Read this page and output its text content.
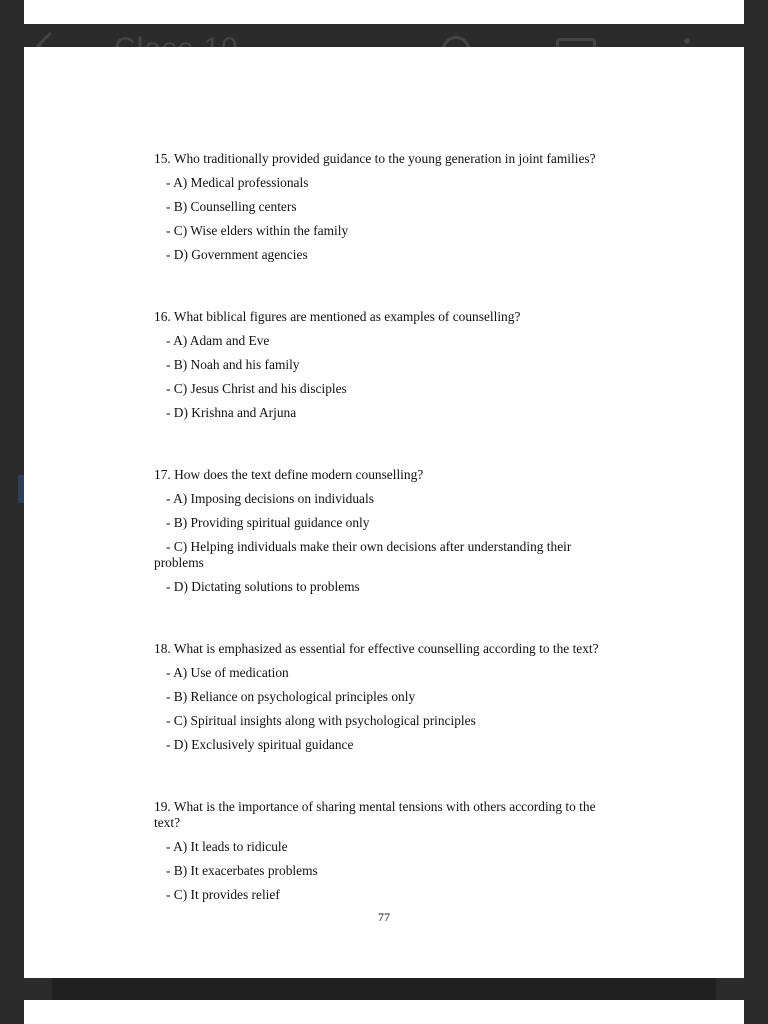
15. Who traditionally provided guidance to the young generation in joint families?
- A) Medical professionals
- B) Counselling centers
- C) Wise elders within the family
- D) Government agencies
16. What biblical figures are mentioned as examples of counselling?
- A) Adam and Eve
- B) Noah and his family
- C) Jesus Christ and his disciples
- D) Krishna and Arjuna
17. How does the text define modern counselling?
- A) Imposing decisions on individuals
- B) Providing spiritual guidance only
- C) Helping individuals make their own decisions after understanding their problems
- D) Dictating solutions to problems
18. What is emphasized as essential for effective counselling according to the text?
- A) Use of medication
- B) Reliance on psychological principles only
- C) Spiritual insights along with psychological principles
- D) Exclusively spiritual guidance
19. What is the importance of sharing mental tensions with others according to the text?
- A) It leads to ridicule
- B) It exacerbates problems
- C) It provides relief
77
